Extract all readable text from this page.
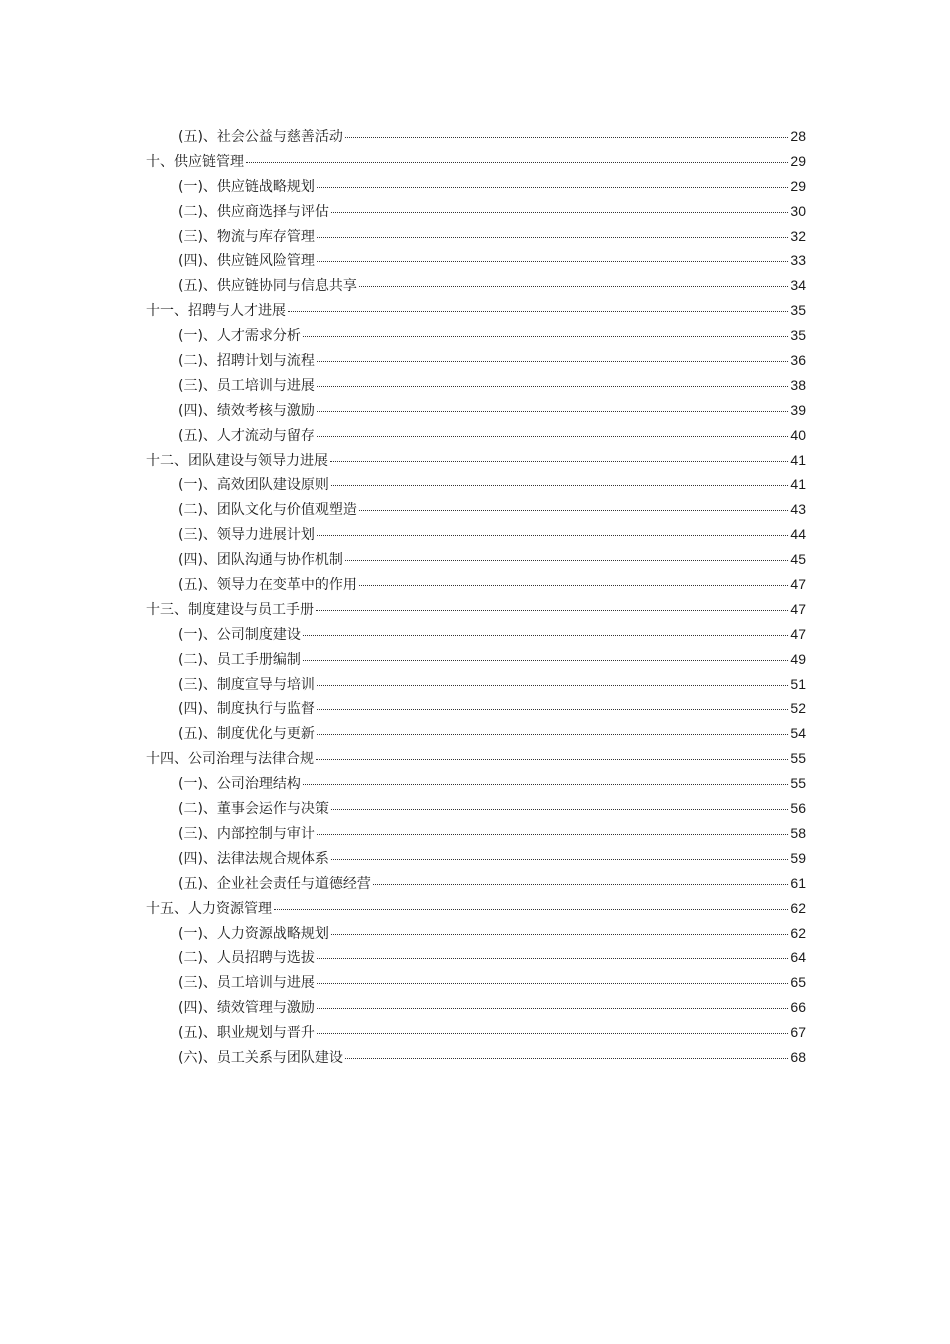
(五)、社会公益与慈善活动	28
十、供应链管理	29
(一)、供应链战略规划	29
(二)、供应商选择与评估	30
(三)、物流与库存管理	32
(四)、供应链风险管理	33
(五)、供应链协同与信息共享	34
十一、招聘与人才进展	35
(一)、人才需求分析	35
(二)、招聘计划与流程	36
(三)、员工培训与进展	38
(四)、绩效考核与激励	39
(五)、人才流动与留存	40
十二、团队建设与领导力进展	41
(一)、高效团队建设原则	41
(二)、团队文化与价值观塑造	43
(三)、领导力进展计划	44
(四)、团队沟通与协作机制	45
(五)、领导力在变革中的作用	47
十三、制度建设与员工手册	47
(一)、公司制度建设	47
(二)、员工手册编制	49
(三)、制度宣导与培训	51
(四)、制度执行与监督	52
(五)、制度优化与更新	54
十四、公司治理与法律合规	55
(一)、公司治理结构	55
(二)、董事会运作与决策	56
(三)、内部控制与审计	58
(四)、法律法规合规体系	59
(五)、企业社会责任与道德经营	61
十五、人力资源管理	62
(一)、人力资源战略规划	62
(二)、人员招聘与选拔	64
(三)、员工培训与进展	65
(四)、绩效管理与激励	66
(五)、职业规划与晋升	67
(六)、员工关系与团队建设	68
